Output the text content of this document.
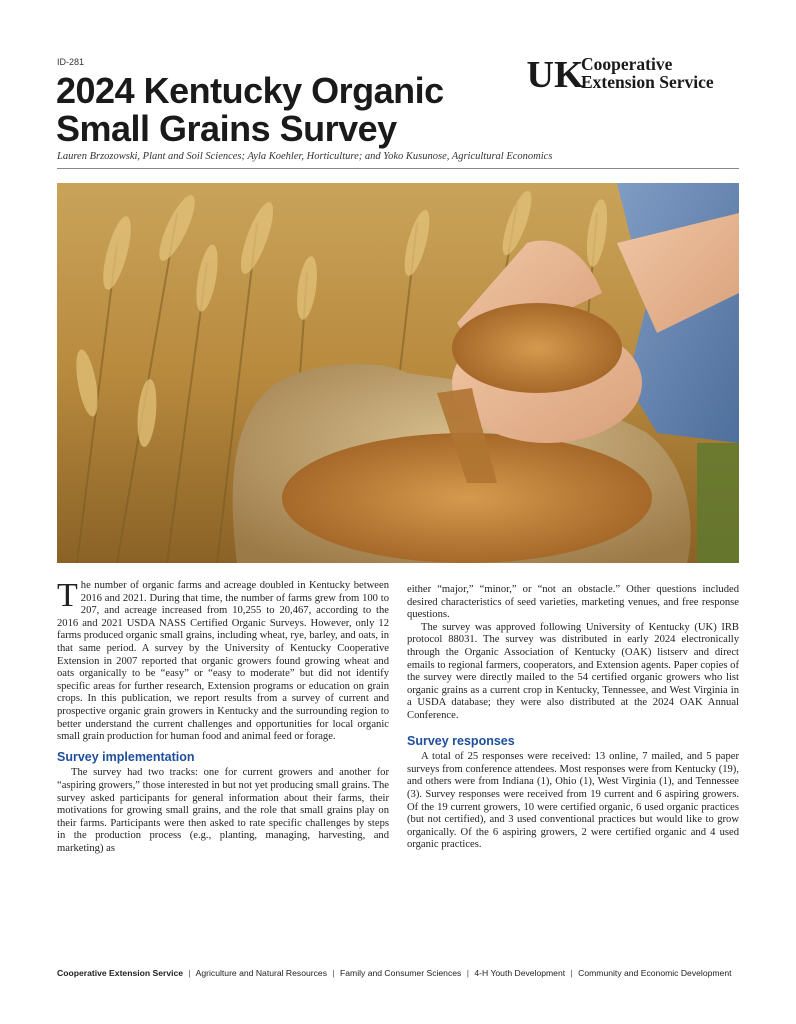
ID-281
2024 Kentucky Organic Small Grains Survey
Lauren Brzozowski, Plant and Soil Sciences; Ayla Koehler, Horticulture; and Yoko Kusunose, Agricultural Economics
UK
Cooperative
Extension Service

The number of organic farms and acreage doubled in Kentucky between 2016 and 2021. During that time, the number of farms grew from 100 to 207, and acreage increased from 10,255 to 20,467, according to the 2016 and 2021 USDA NASS Certified Organic Surveys. However, only 12 farms produced organic small grains, including wheat, rye, barley, and oats, in that same period. A survey by the University of Kentucky Cooperative Extension in 2007 reported that organic growers found growing wheat and oats organically to be “easy” or “easy to moderate” but did not identify specific areas for further research, Extension programs or education on grain crops. In this publication, we report results from a survey of current and prospective organic grain growers in Kentucky and the surrounding region to better understand the current challenges and opportunities for local organic small grain production for human food and animal feed or forage.

Survey implementation

The survey had two tracks: one for current growers and another for “aspiring growers,” those interested in but not yet producing small grains. The survey asked participants for general information about their farms, their motivations for growing small grains, and the role that small grains play on their farms. Participants were then asked to rate specific challenges by steps in the production process (e.g., planting, managing, harvesting, and marketing) as

either “major,” “minor,” or “not an obstacle.” Other questions included desired characteristics of seed varieties, marketing venues, and free response questions.

The survey was approved following University of Kentucky (UK) IRB protocol 88031. The survey was distributed in early 2024 electronically through the Organic Association of Kentucky (OAK) listserv and direct emails to regional farmers, cooperators, and Extension agents. Paper copies of the survey were directly mailed to the 54 certified organic growers who list organic grains as a current crop in Kentucky, Tennessee, and West Virginia in a USDA database; they were also distributed at the 2024 OAK Annual Conference.

Survey responses

A total of 25 responses were received: 13 online, 7 mailed, and 5 paper surveys from conference attendees. Most responses were from Kentucky (19), and others were from Indiana (1), Ohio (1), West Virginia (1), and Tennessee (3). Survey responses were received from 19 current and 6 aspiring growers. Of the 19 current growers, 10 were certified organic, 6 used organic practices (but not certified), and 3 used conventional practices but would like to grow organically. Of the 6 aspiring growers, 2 were certified organic and 4 used organic practices.

Cooperative Extension Service | Agriculture and Natural Resources | Family and Consumer Sciences | 4-H Youth Development | Community and Economic Development
